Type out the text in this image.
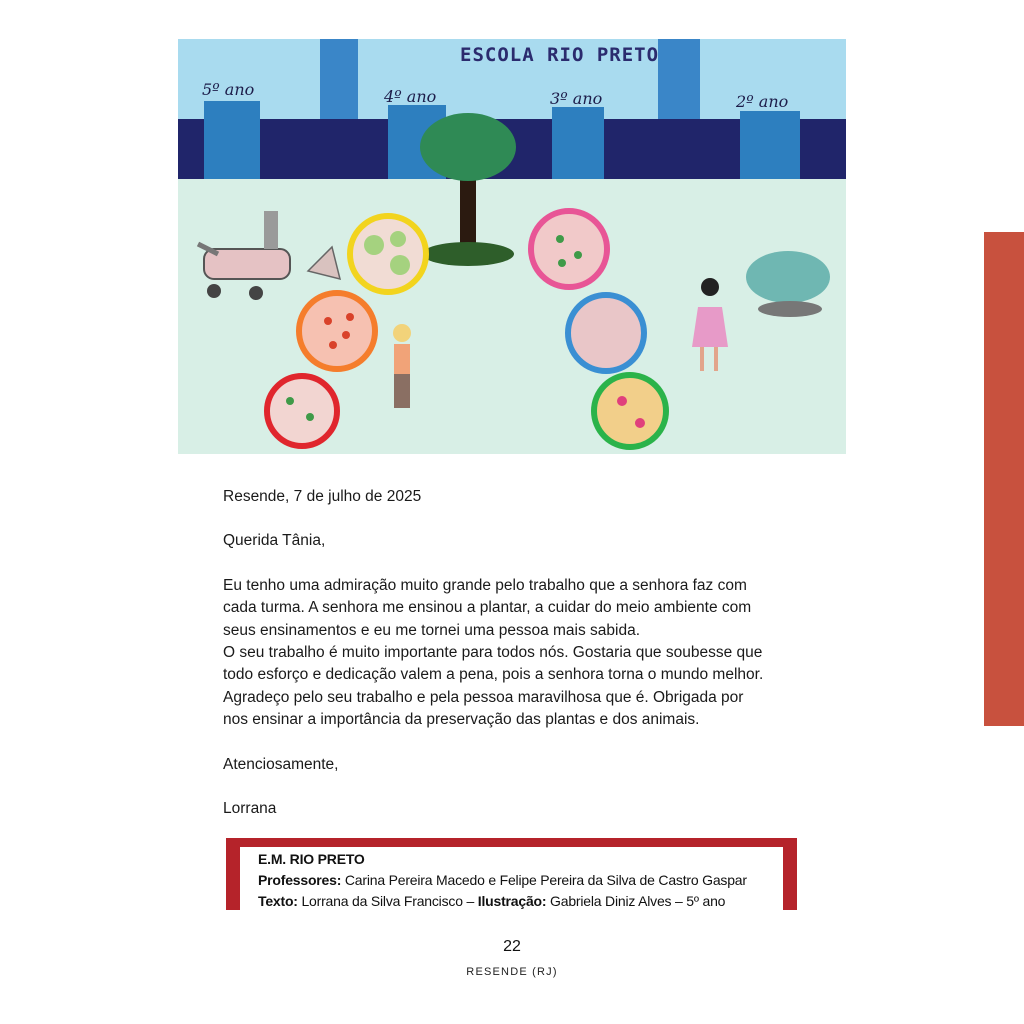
ESCOLA RIO PRETO
5º ano	4º ano	3º ano	2º ano

Resende, 7 de julho de 2025

Querida Tânia,

Eu tenho uma admiração muito grande pelo trabalho que a senhora faz com

cada turma. A senhora me ensinou a plantar, a cuidar do meio ambiente com

seus ensinamentos e eu me tornei uma pessoa mais sabida.

O seu trabalho é muito importante para todos nós. Gostaria que soubesse que

todo esforço e dedicação valem a pena, pois a senhora torna o mundo melhor.

Agradeço pelo seu trabalho e pela pessoa maravilhosa que é. Obrigada por

nos ensinar a importância da preservação das plantas e dos animais.

Atenciosamente,

Lorrana

E.M. RIO PRETO
Professores: Carina Pereira Macedo e Felipe Pereira da Silva de Castro Gaspar
Texto: Lorrana da Silva Francisco – Ilustração: Gabriela Diniz Alves – 5º ano
22
RESENDE (RJ)
